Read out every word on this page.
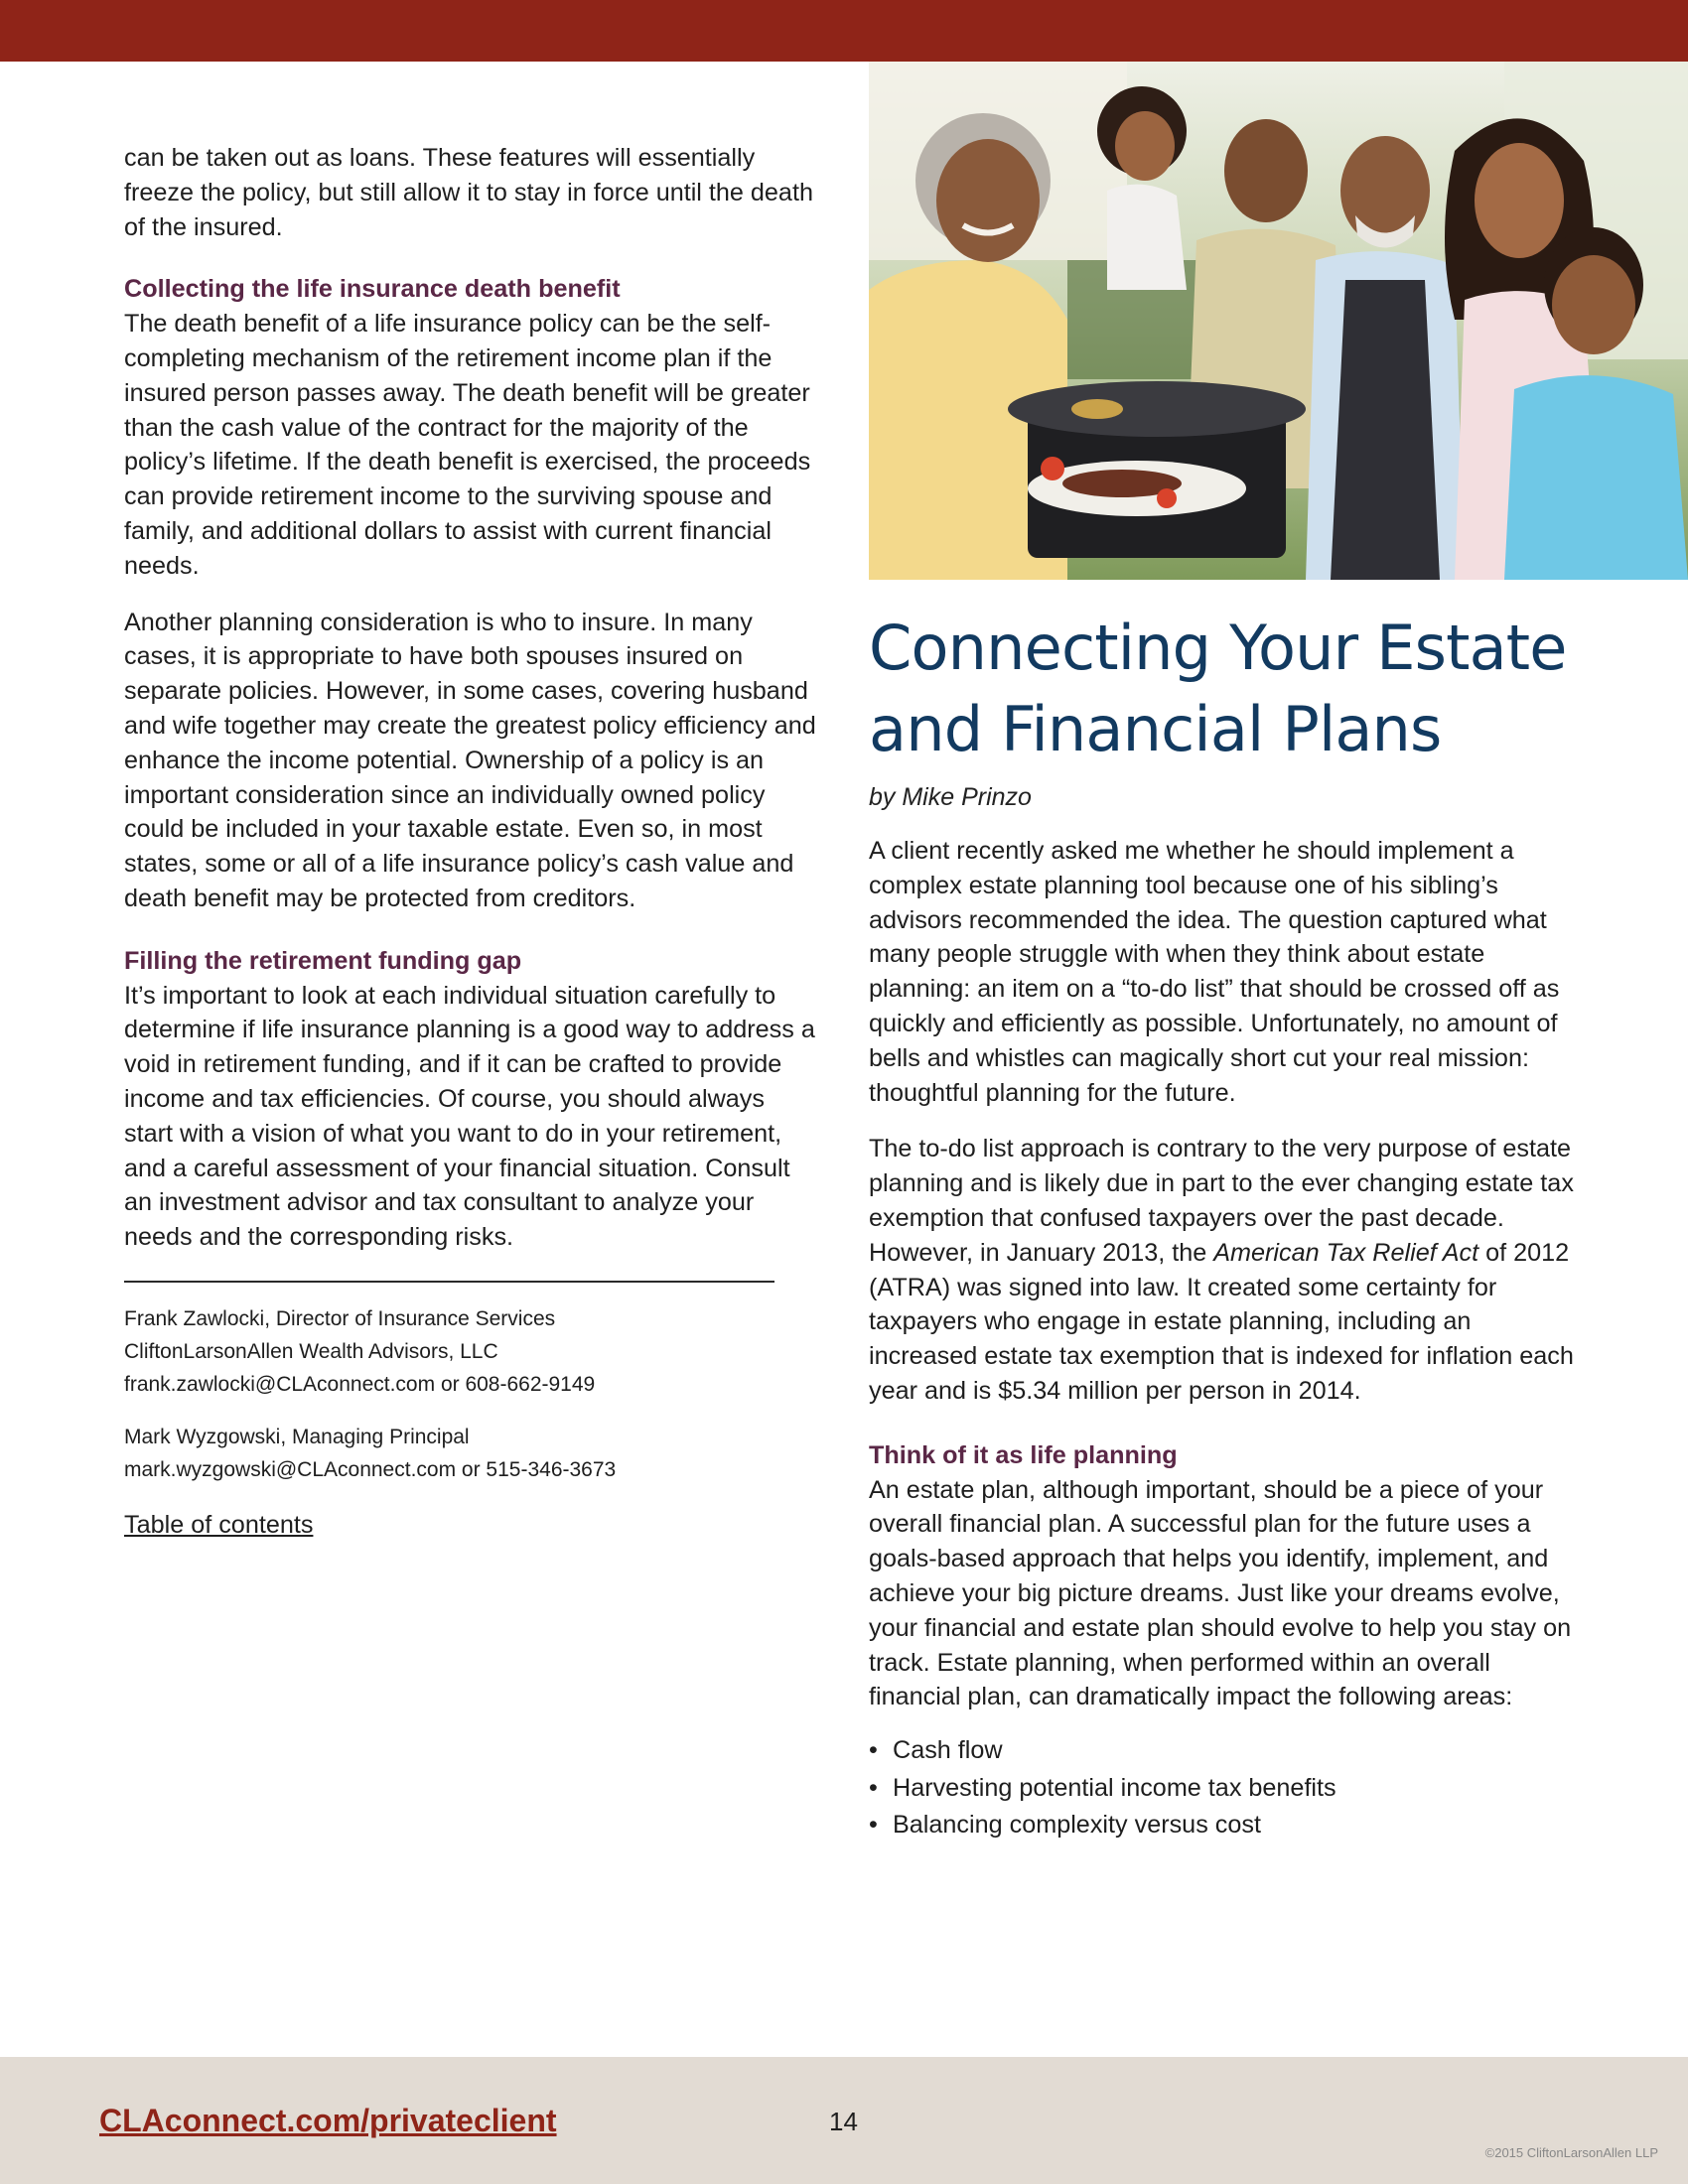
can be taken out as loans. These features will essentially freeze the policy, but still allow it to stay in force until the death of the insured.

Collecting the life insurance death benefit

The death benefit of a life insurance policy can be the self-completing mechanism of the retirement income plan if the insured person passes away. The death benefit will be greater than the cash value of the contract for the majority of the policy’s lifetime. If the death benefit is exercised, the proceeds can provide retirement income to the surviving spouse and family, and additional dollars to assist with current financial needs.

Another planning consideration is who to insure. In many cases, it is appropriate to have both spouses insured on separate policies. However, in some cases, covering husband and wife together may create the greatest policy efficiency and enhance the income potential. Ownership of a policy is an important consideration since an individually owned policy could be included in your taxable estate. Even so, in most states, some or all of a life insurance policy’s cash value and death benefit may be protected from creditors.

Filling the retirement funding gap

It’s important to look at each individual situation carefully to determine if life insurance planning is a good way to address a void in retirement funding, and if it can be crafted to provide income and tax efficiencies. Of course, you should always start with a vision of what you want to do in your retirement, and a careful assessment of your financial situation. Consult an investment advisor and tax consultant to analyze your needs and the corresponding risks.

Frank Zawlocki, Director of Insurance Services

CliftonLarsonAllen Wealth Advisors, LLC

frank.zawlocki@CLAconnect.com or 608-662-9149

Mark Wyzgowski, Managing Principal

mark.wyzgowski@CLAconnect.com or 515-346-3673

Table of contents
Connecting Your Estate
and Financial Plans

by Mike Prinzo

A client recently asked me whether he should implement a complex estate planning tool because one of his sibling’s advisors recommended the idea. The question captured what many people struggle with when they think about estate planning: an item on a “to-do list” that should be crossed off as quickly and efficiently as possible. Unfortunately, no amount of bells and whistles can magically short cut your real mission: thoughtful planning for the future.

The to-do list approach is contrary to the very purpose of estate planning and is likely due in part to the ever changing estate tax exemption that confused taxpayers over the past decade. However, in January 2013, the American Tax Relief Act of 2012 (ATRA) was signed into law. It created some certainty for taxpayers who engage in estate planning, including an increased estate tax exemption that is indexed for inflation each year and is $5.34 million per person in 2014.

Think of it as life planning

An estate plan, although important, should be a piece of your overall financial plan. A successful plan for the future uses a goals-based approach that helps you identify, implement, and achieve your big picture dreams. Just like your dreams evolve, your financial and estate plan should evolve to help you stay on track. Estate planning, when performed within an overall financial plan, can dramatically impact the following areas:

• Cash flow
• Harvesting potential income tax benefits
• Balancing complexity versus cost
CLAconnect.com/privateclient	14
©2015 CliftonLarsonAllen LLP
